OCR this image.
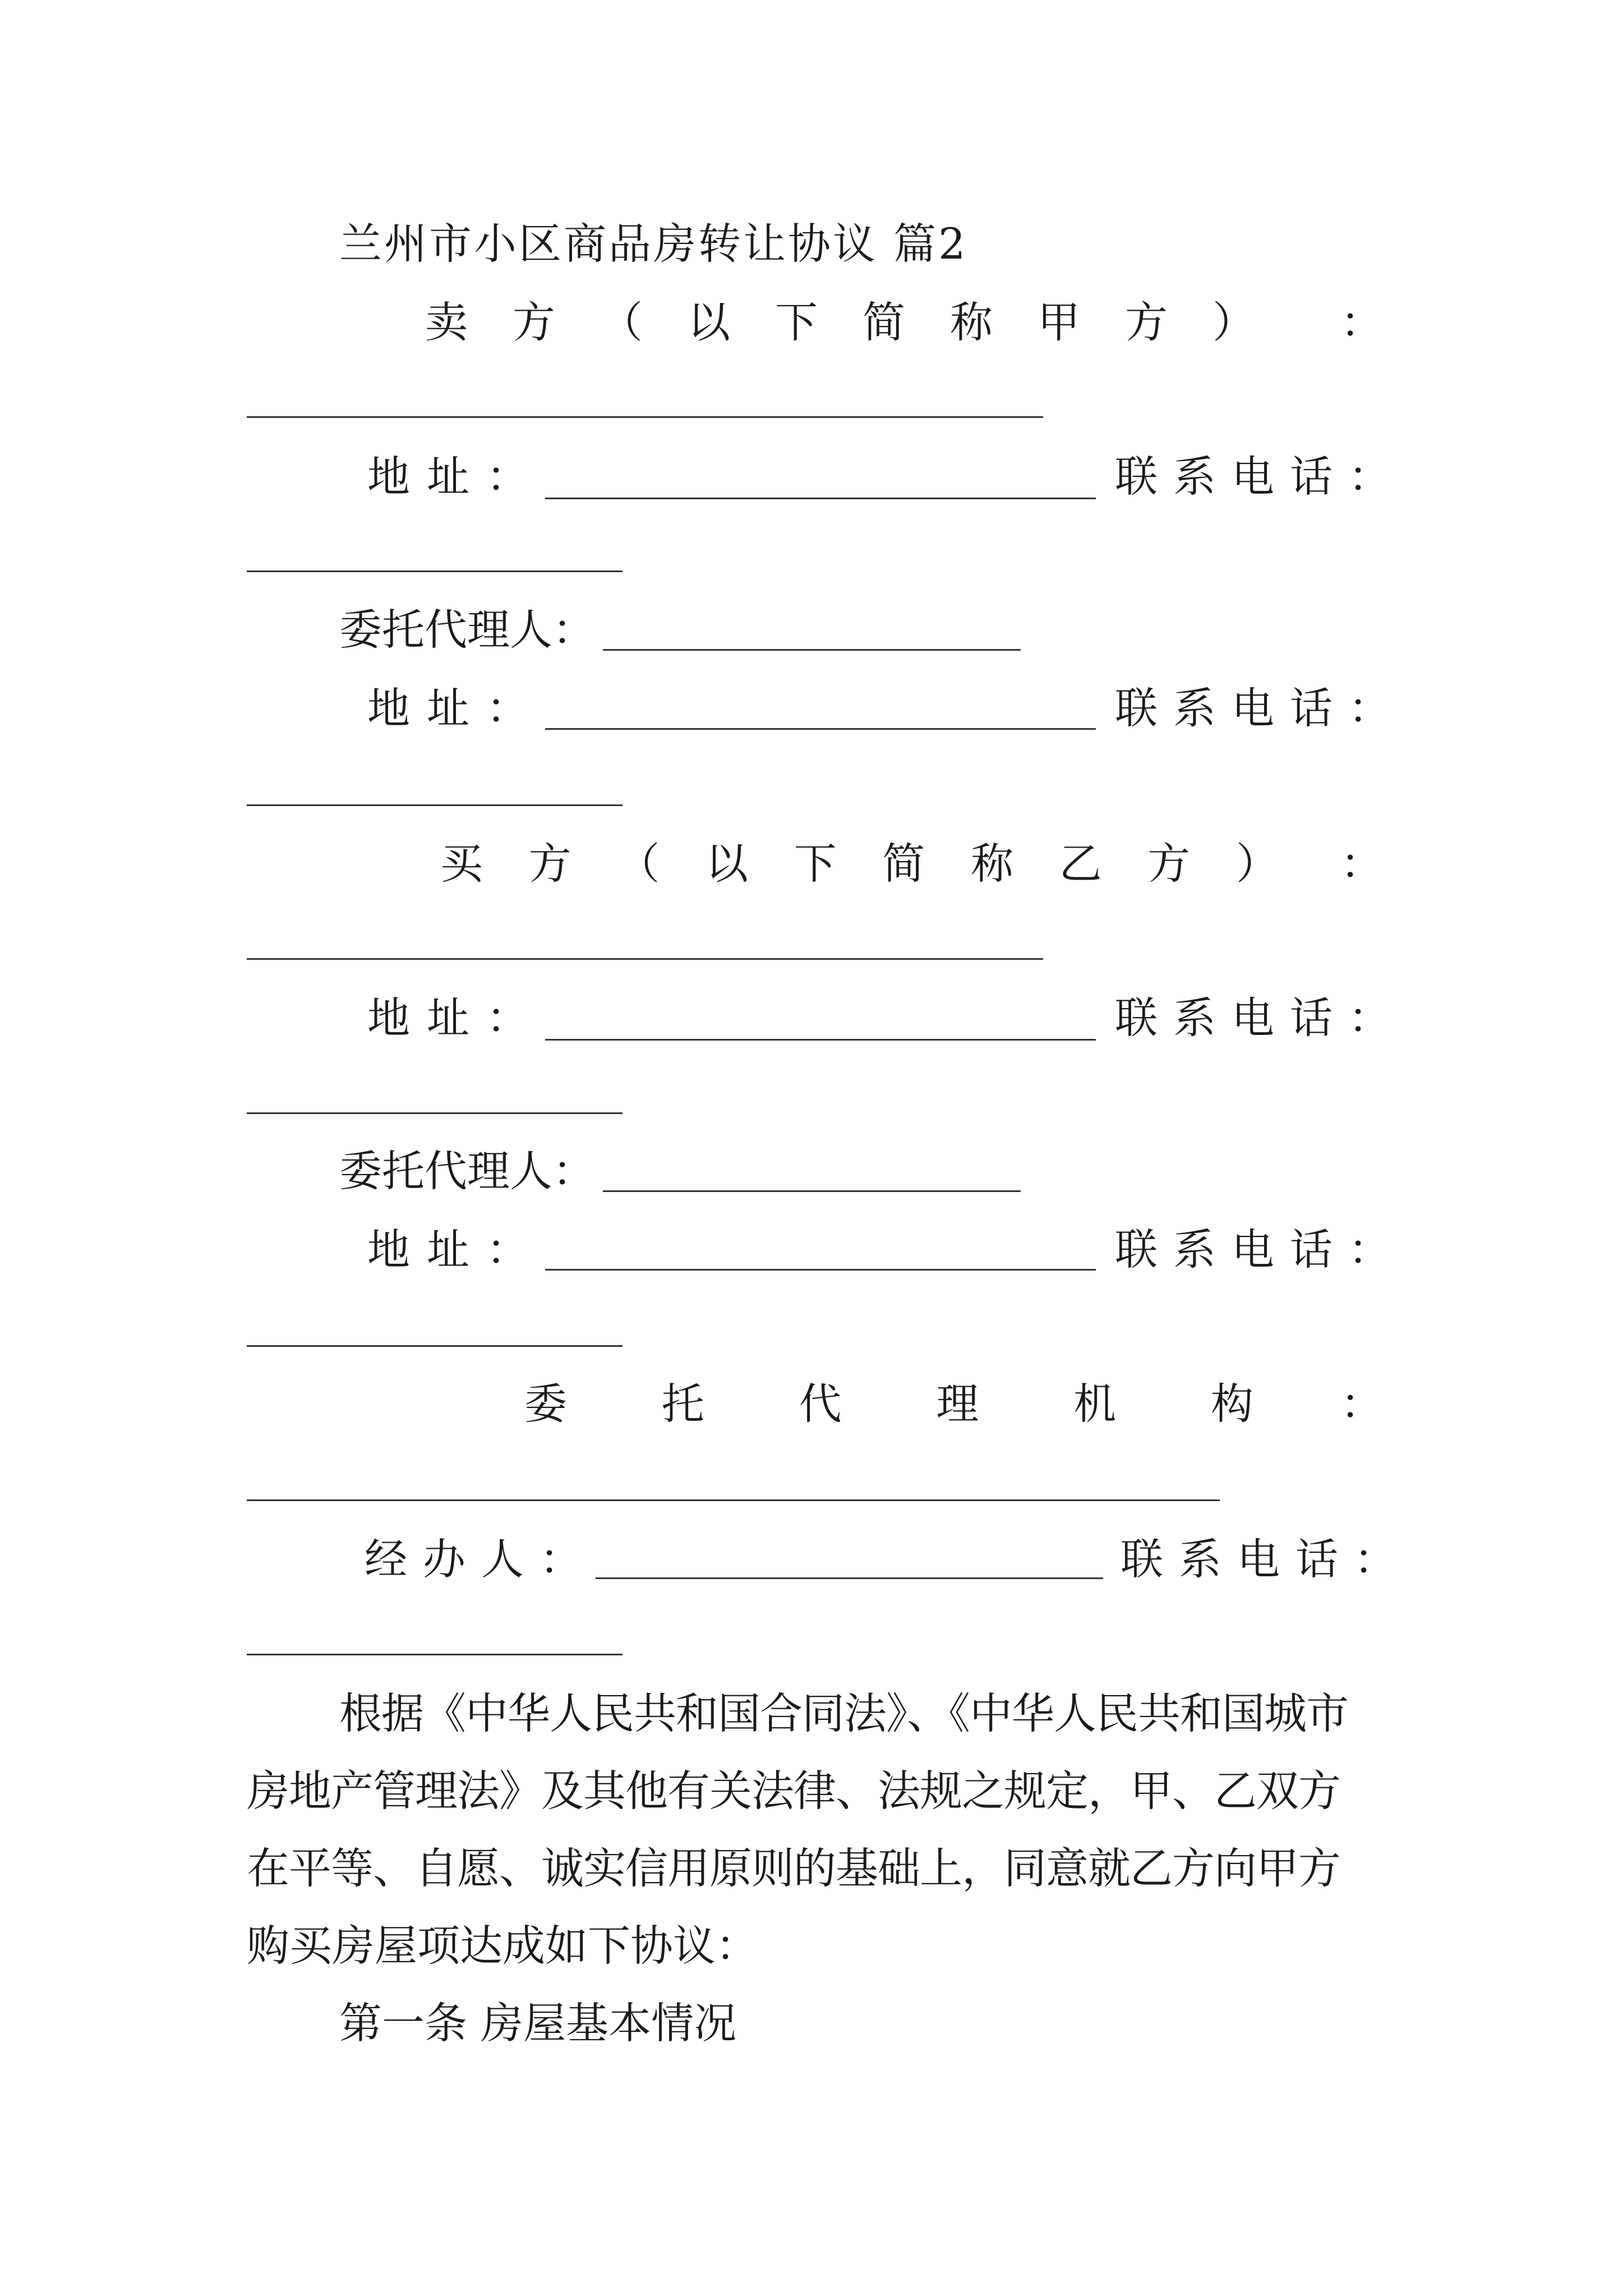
兰州市小区商品房转让协议 篇2
卖 方 （ 以 下 简 称 甲 方 ） ：
地址：	联系电话：
委托代理人：
地址：	联系电话：
买 方 （ 以 下 简 称 乙 方 ） ：
地址：	联系电话：
委托代理人：
地址：	联系电话：
委 托 代 理 机 构 ：
经办人：	联系电话：
根据《中华人民共和国合同法》、《中华人民共和国城市
房地产管理法》及其他有关法律、法规之规定，甲、乙双方
在平等、自愿、诚实信用原则的基础上，同意就乙方向甲方
购买房屋项达成如下协议：
第一条 房屋基本情况
